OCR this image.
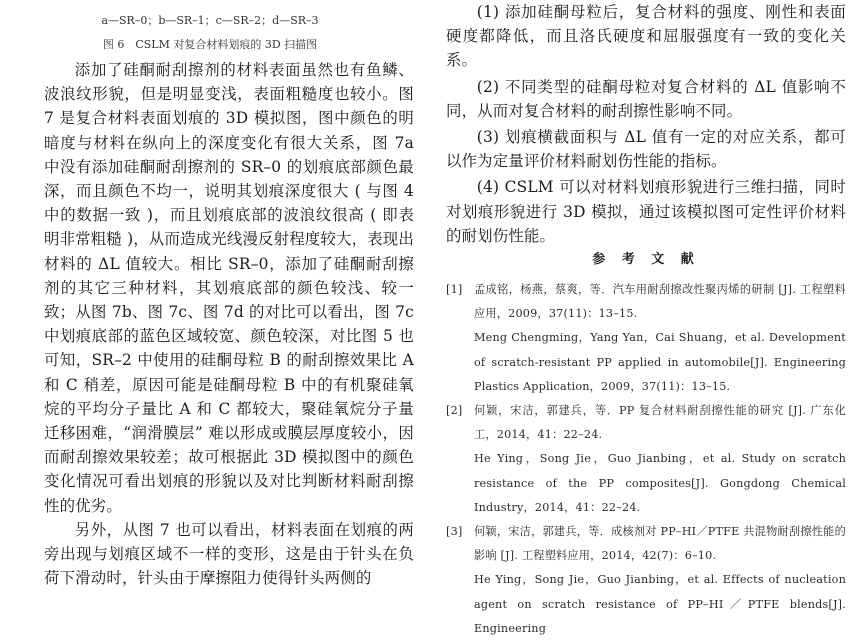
a—SR–0；b—SR–1；c—SR–2；d—SR–3
图 6　CSLM 对复合材料划痕的 3D 扫描图

添加了硅酮耐刮擦剂的材料表面虽然也有鱼鳞、波浪纹形貌，但是明显变浅，表面粗糙度也较小。图 7 是复合材料表面划痕的 3D 模拟图，图中颜色的明暗度与材料在纵向上的深度变化有很大关系，图 7a 中没有添加硅酮耐刮擦剂的 SR–0 的划痕底部颜色最深，而且颜色不均一，说明其划痕深度很大 ( 与图 4 中的数据一致 )，而且划痕底部的波浪纹很高 ( 即表明非常粗糙 )，从而造成光线漫反射程度较大，表现出材料的 ΔL 值较大。相比 SR–0，添加了硅酮耐刮擦剂的其它三种材料，其划痕底部的颜色较浅、较一致；从图 7b、图 7c、图 7d 的对比可以看出，图 7c 中划痕底部的蓝色区域较宽、颜色较深，对比图 5 也可知，SR–2 中使用的硅酮母粒 B 的耐刮擦效果比 A 和 C 稍差，原因可能是硅酮母粒 B 中的有机聚硅氧烷的平均分子量比 A 和 C 都较大，聚硅氧烷分子量迁移困难，“润滑膜层” 难以形成或膜层厚度较小，因而耐刮擦效果较差；故可根据此 3D 模拟图中的颜色变化情况可看出划痕的形貌以及对比判断材料耐刮擦性的优劣。

另外，从图 7 也可以看出，材料表面在划痕的两旁出现与划痕区域不一样的变形，这是由于针头在负荷下滑动时，针头由于摩擦阻力使得针头两侧的

(1) 添加硅酮母粒后，复合材料的强度、刚性和表面硬度都降低，而且洛氏硬度和屈服强度有一致的变化关系。

(2) 不同类型的硅酮母粒对复合材料的 ΔL 值影响不同，从而对复合材料的耐刮擦性影响不同。

(3) 划痕横截面积与 ΔL 值有一定的对应关系，都可以作为定量评价材料耐划伤性能的指标。

(4) CSLM 可以对材料划痕形貌进行三维扫描，同时对划痕形貌进行 3D 模拟，通过该模拟图可定性评价材料的耐划伤性能。

参 考 文 献
[1] 孟成铭，杨燕，蔡爽，等．汽车用耐刮擦改性聚丙烯的研制 [J]. 工程塑料应用，2009，37(11)：13–15.
Meng Chengming，Yang Yan，Cai Shuang，et al. Development of scratch-resistant PP applied in automobile[J]. Engineering Plastics Application，2009，37(11)：13–15.
[2] 何颖，宋洁，郭建兵，等．PP 复合材料耐刮擦性能的研究 [J]. 广东化工，2014，41：22–24.
He Ying，Song Jie，Guo Jianbing，et al. Study on scratch resistance of the PP composites[J]. Gongdong Chemical Industry，2014，41：22–24.
[3] 何颖，宋洁，郭建兵，等．成核剂对 PP–HI／PTFE 共混物耐刮擦性能的影响 [J]. 工程塑料应用，2014，42(7)：6–10.
He Ying，Song Jie，Guo Jianbing，et al. Effects of nucleation agent on scratch resistance of PP–HI／PTFE blends[J]. Engineering
